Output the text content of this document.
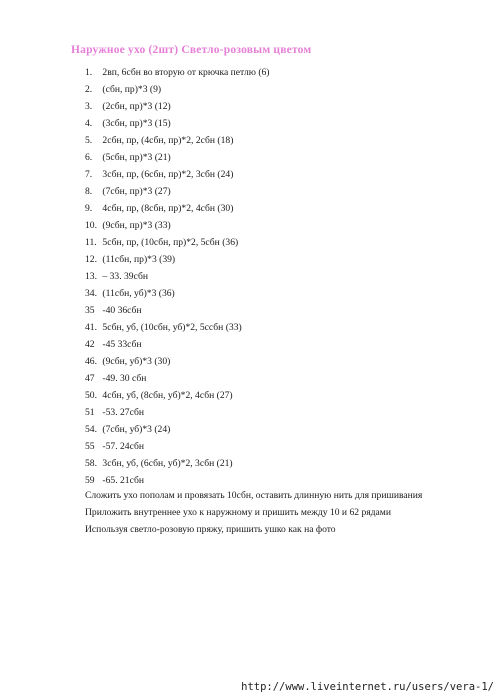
Наружное ухо (2шт) Светло-розовым цветом
1. 2вп, 6сбн во вторую от крючка петлю (6)
2. (сбн, пр)*3 (9)
3. (2сбн, пр)*3 (12)
4. (3сбн, пр)*3 (15)
5. 2сбн, пр, (4сбн, пр)*2, 2сбн (18)
6. (5сбн, пр)*3 (21)
7. 3сбн, пр, (6сбн, пр)*2, 3сбн (24)
8. (7сбн, пр)*3 (27)
9. 4сбн, пр, (8сбн, пр)*2, 4сбн (30)
10. (9сбн, пр)*3 (33)
11. 5сбн, пр, (10сбн, пр)*2, 5сбн (36)
12. (11сбн, пр)*3 (39)
13. – 33. 39сбн
34. (11сбн, уб)*3 (36)
35 -40 36сбн
41. 5сбн, уб, (10сбн, уб)*2, 5ссбн (33)
42 -45 33сбн
46. (9сбн, уб)*3 (30)
47 -49. 30 сбн
50. 4сбн, уб, (8сбн, уб)*2, 4сбн (27)
51 -53. 27сбн
54. (7сбн, уб)*3 (24)
55 -57. 24сбн
58. 3сбн, уб, (6сбн, уб)*2, 3сбн (21)
59 -65. 21сбн
Сложить ухо пополам и провязать 10сбн, оставить длинную нить для пришивания
Приложить внутреннее ухо к наружному и пришить между 10 и 62 рядами
Используя светло-розовую пряжу, пришить ушко как на фото
http://www.liveinternet.ru/users/vera-1/
